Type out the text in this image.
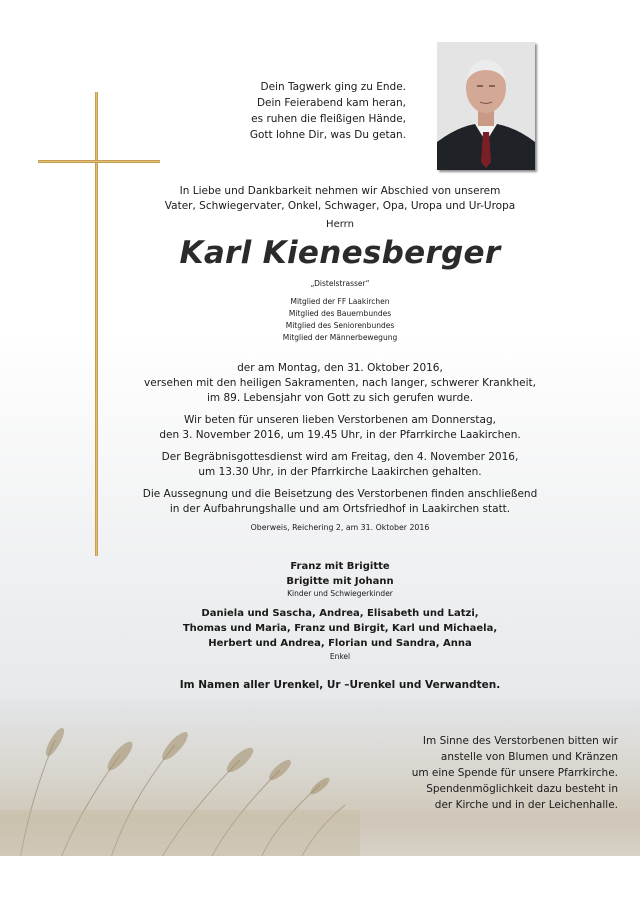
Dein Tagwerk ging zu Ende.
Dein Feierabend kam heran,
es ruhen die fleißigen Hände,
Gott lohne Dir, was Du getan.
In Liebe und Dankbarkeit nehmen wir Abschied von unserem
Vater, Schwiegervater, Onkel, Schwager, Opa, Uropa und Ur-Uropa
Herrn
Karl Kienesberger
„Distelstrasser“
Mitglied der FF Laakirchen
Mitglied des Bauernbundes
Mitglied des Seniorenbundes
Mitglied der Männerbewegung
der am Montag, den 31. Oktober 2016,
versehen mit den heiligen Sakramenten, nach langer, schwerer Krankheit,
im 89. Lebensjahr von Gott zu sich gerufen wurde.
Wir beten für unseren lieben Verstorbenen am Donnerstag,
den 3. November 2016, um 19.45 Uhr, in der Pfarrkirche Laakirchen.
Der Begräbnisgottesdienst wird am Freitag, den 4. November 2016,
um 13.30 Uhr, in der Pfarrkirche Laakirchen gehalten.
Die Aussegnung und die Beisetzung des Verstorbenen finden anschließend
in der Aufbahrungshalle und am Ortsfriedhof in Laakirchen statt.
Oberweis, Reichering 2, am 31. Oktober 2016
Franz mit Brigitte
Brigitte mit Johann
Kinder und Schwiegerkinder
Daniela und Sascha, Andrea, Elisabeth und Latzi,
Thomas und Maria, Franz und Birgit, Karl und Michaela,
Herbert und Andrea, Florian und Sandra, Anna
Enkel
Im Namen aller Urenkel, Ur –Urenkel und Verwandten.
Im Sinne des Verstorbenen bitten wir
anstelle von Blumen und Kränzen
um eine Spende für unsere Pfarrkirche.
Spendenmöglichkeit dazu besteht in
der Kirche und in der Leichenhalle.
